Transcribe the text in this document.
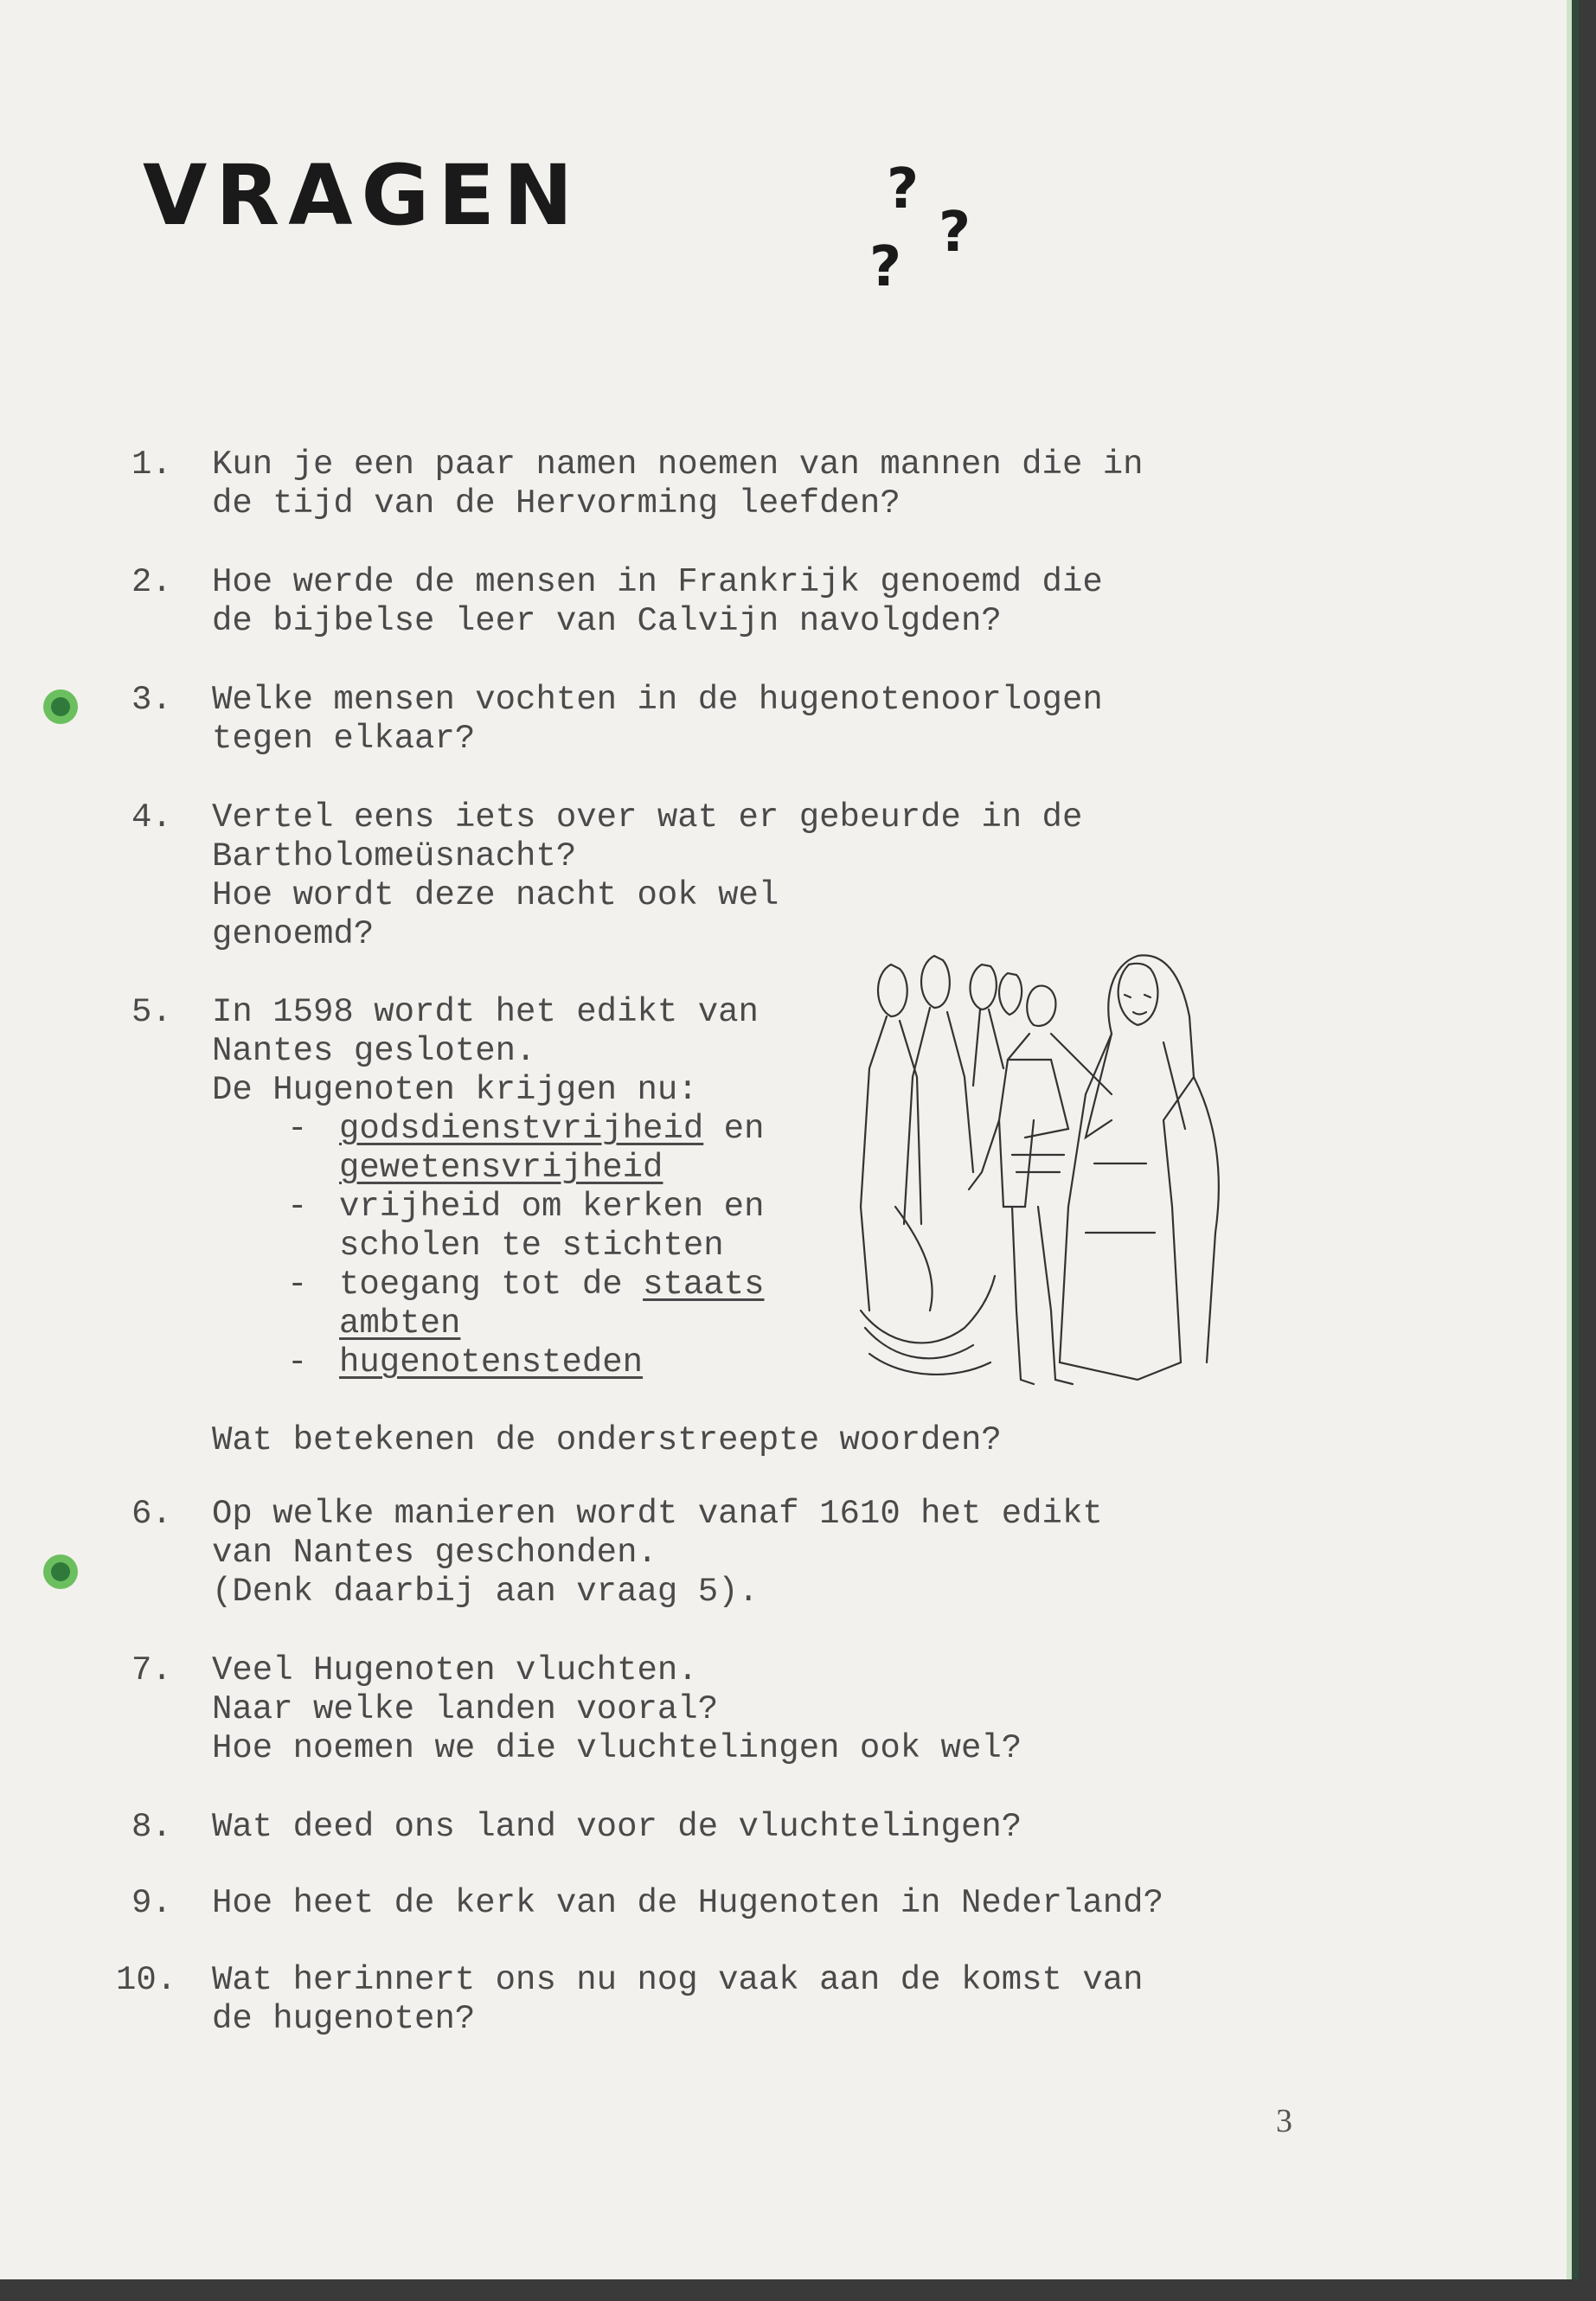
VRAGEN	?
?
?
1.	Kun je een paar namen noemen van mannen die in
de tijd van de Hervorming leefden?
2.	Hoe werde de mensen in Frankrijk genoemd die
de bijbelse leer van Calvijn navolgden?
3.	Welke mensen vochten in de hugenotenoorlogen
tegen elkaar?
4.	Vertel eens iets over wat er gebeurde in de
Bartholomeüsnacht?
Hoe wordt deze nacht ook wel
genoemd?
5.	In 1598 wordt het edikt van
Nantes gesloten.
De Hugenoten krijgen nu:
- godsdienstvrijheid en
gewetensvrijheid
- vrijheid om kerken en
scholen te stichten
- toegang tot de staats
ambten
- hugenotensteden
Wat betekenen de onderstreepte woorden?
6.	Op welke manieren wordt vanaf 1610 het edikt
van Nantes geschonden.
(Denk daarbij aan vraag 5).
7.	Veel Hugenoten vluchten.
Naar welke landen vooral?
Hoe noemen we die vluchtelingen ook wel?
8.	Wat deed ons land voor de vluchtelingen?
9.	Hoe heet de kerk van de Hugenoten in Nederland?
10. Wat herinnert ons nu nog vaak aan de komst van
de hugenoten?
3
